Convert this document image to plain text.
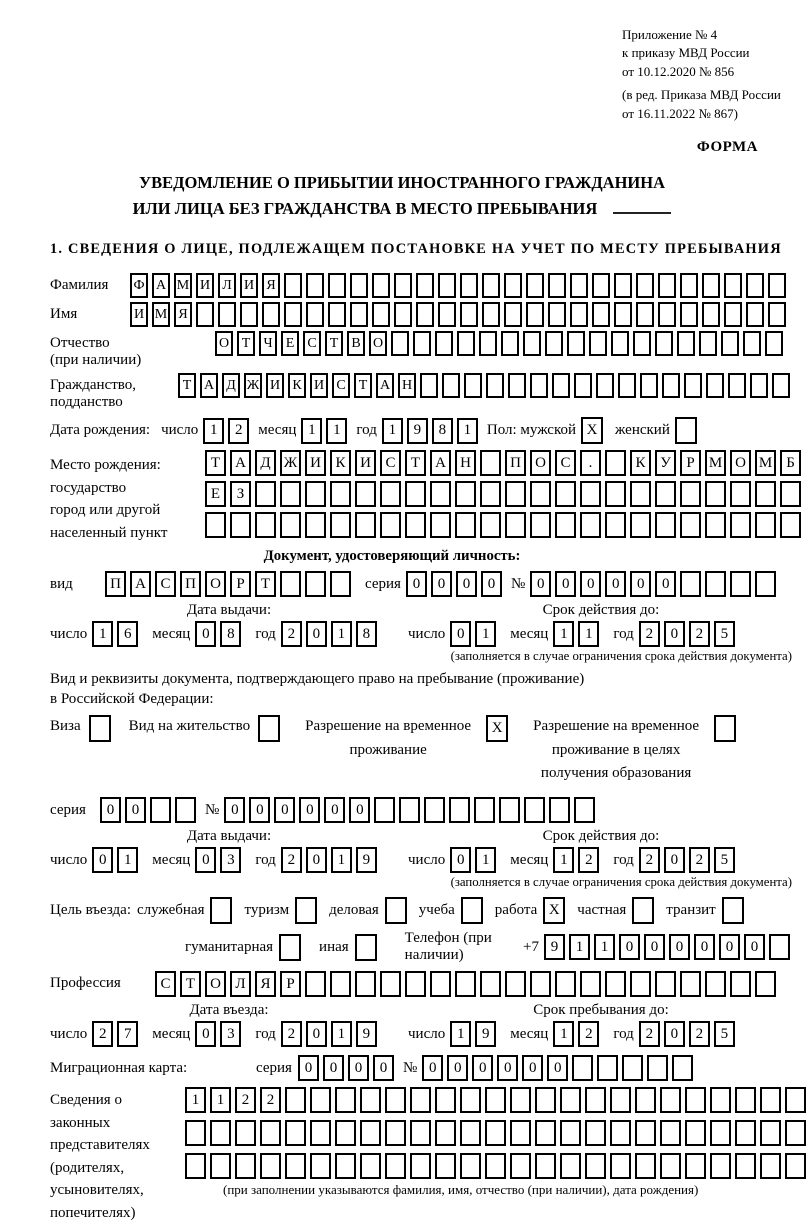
Приложение № 4
к приказу МВД России
от 10.12.2020 № 856
(в ред. Приказа МВД России
от 16.11.2022 № 867)
ФОРМА
УВЕДОМЛЕНИЕ О ПРИБЫТИИ ИНОСТРАННОГО ГРАЖДАНИНА
ИЛИ ЛИЦА БЕЗ ГРАЖДАНСТВА В МЕСТО ПРЕБЫВАНИЯ
1. СВЕДЕНИЯ О ЛИЦЕ, ПОДЛЕЖАЩЕМ ПОСТАНОВКЕ НА УЧЕТ ПО МЕСТУ ПРЕБЫВАНИЯ
Фамилия	Ф А М И Л И Я

Имя	И М Я

Отчество
(при наличии)
О Т Ч Е С Т В О

Гражданство,
подданство
Т А Д Ж И К И С Т А Н

Дата рождения: число 1	2	месяц 1	1	год 1	9	8	1	Пол: мужской X	женский

Место рождения:
государство
город или другой
населенный пункт
Т	А Д Ж И К И С	Т	А Н
	П О С	.
	К У	Р М О М Б
Е	З

Документ, удостоверяющий личность:
вид	П А С П О	Р	Т

	серия 0	0	0	0	№ 0	0	0	0	0	0

Дата выдачи:
число 1	6	месяц 0	8	год 2	0	1	8
Срок действия до:
число 0	1	месяц 1	1	год 2	0	2	5
(заполняется в случае ограничения срока действия документа)
Вид и реквизиты документа, подтверждающего право на пребывание (проживание)
в Российской Федерации:
Виза
	Вид на жительство
	Разрешение на временное проживание
X	Разрешение на временное проживание в целях получения образования

серия	0	0

	№ 0	0	0	0	0	0

Дата выдачи:
число 0	1	месяц 0	3	год 2	0	1	9
Срок действия до:
число 0	1	месяц 1	2	год 2	0	2	5
(заполняется в случае ограничения срока действия документа)
Цель въезда: служебная
	туризм
	деловая
	учеба
	работа X	частная
	транзит

гуманитарная
	иная

Телефон (при наличии)
+7 9	1	1	0	0	0	0	0	0

Профессия	С	Т	О Л Я	Р

Дата въезда:
число 2	7	месяц 0	3	год 2	0	1	9
Срок пребывания до:
число 1	9	месяц 1	2	год 2	0	2	5
Миграционная карта:	серия 0	0	0	0	№ 0	0	0	0	0	0

Сведения о
законных
представителях
(родителях,
усыновителях,
попечителях)
1	1	2	2

(при заполнении указываются фамилия, имя, отчество (при наличии), дата рождения)
